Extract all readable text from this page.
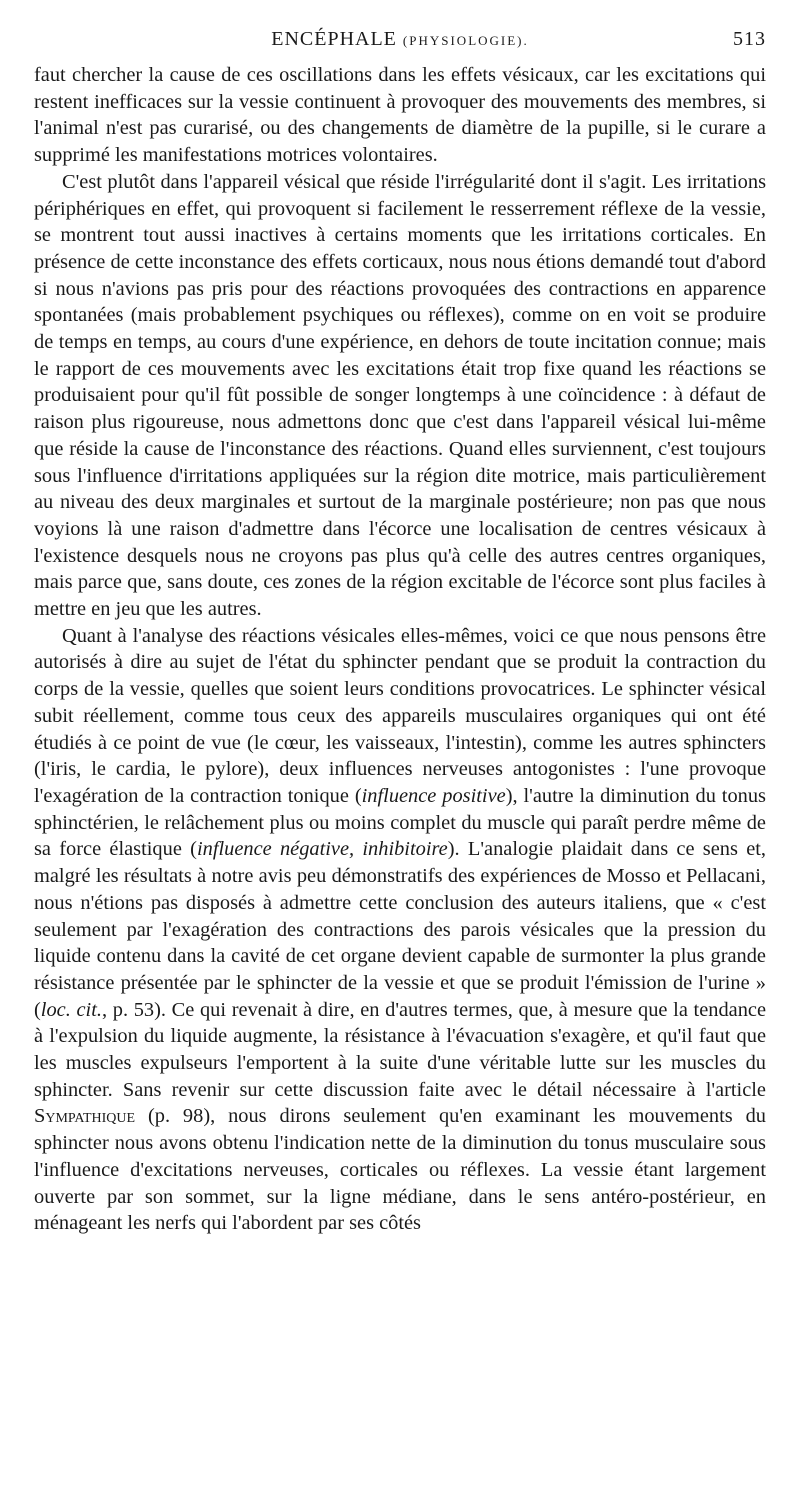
ENCÉPHALE (PHYSIOLOGIE).	513

faut chercher la cause de ces oscillations dans les effets vésicaux, car les excitations qui restent inefficaces sur la vessie continuent à provoquer des mouvements des membres, si l'animal n'est pas curarisé, ou des changements de diamètre de la pupille, si le curare a supprimé les manifestations motrices volontaires.

C'est plutôt dans l'appareil vésical que réside l'irrégularité dont il s'agit. Les irritations périphériques en effet, qui provoquent si facilement le resserrement réflexe de la vessie, se montrent tout aussi inactives à certains moments que les irritations corticales. En présence de cette inconstance des effets corticaux, nous nous étions demandé tout d'abord si nous n'avions pas pris pour des réactions provoquées des contractions en apparence spontanées (mais probablement psychiques ou réflexes), comme on en voit se produire de temps en temps, au cours d'une expérience, en dehors de toute incitation connue; mais le rapport de ces mouvements avec les excitations était trop fixe quand les réactions se produisaient pour qu'il fût possible de songer longtemps à une coïncidence : à défaut de raison plus rigoureuse, nous admettons donc que c'est dans l'appareil vésical lui-même que réside la cause de l'inconstance des réactions. Quand elles surviennent, c'est toujours sous l'influence d'irritations appliquées sur la région dite motrice, mais particulièrement au niveau des deux marginales et surtout de la marginale postérieure; non pas que nous voyions là une raison d'admettre dans l'écorce une localisation de centres vésicaux à l'existence desquels nous ne croyons pas plus qu'à celle des autres centres organiques, mais parce que, sans doute, ces zones de la région excitable de l'écorce sont plus faciles à mettre en jeu que les autres.

Quant à l'analyse des réactions vésicales elles-mêmes, voici ce que nous pensons être autorisés à dire au sujet de l'état du sphincter pendant que se produit la contraction du corps de la vessie, quelles que soient leurs conditions provocatrices. Le sphincter vésical subit réellement, comme tous ceux des appareils musculaires organiques qui ont été étudiés à ce point de vue (le cœur, les vaisseaux, l'intestin), comme les autres sphincters (l'iris, le cardia, le pylore), deux influences nerveuses antogonistes : l'une provoque l'exagération de la contraction tonique (influence positive), l'autre la diminution du tonus sphinctérien, le relâchement plus ou moins complet du muscle qui paraît perdre même de sa force élastique (influence négative, inhibitoire). L'analogie plaidait dans ce sens et, malgré les résultats à notre avis peu démonstratifs des expériences de Mosso et Pellacani, nous n'étions pas disposés à admettre cette conclusion des auteurs italiens, que « c'est seulement par l'exagération des contractions des parois vésicales que la pression du liquide contenu dans la cavité de cet organe devient capable de surmonter la plus grande résistance présentée par le sphincter de la vessie et que se produit l'émission de l'urine » (loc. cit., p. 53). Ce qui revenait à dire, en d'autres termes, que, à mesure que la tendance à l'expulsion du liquide augmente, la résistance à l'évacuation s'exagère, et qu'il faut que les muscles expulseurs l'emportent à la suite d'une véritable lutte sur les muscles du sphincter. Sans revenir sur cette discussion faite avec le détail nécessaire à l'article Sympathique (p. 98), nous dirons seulement qu'en examinant les mouvements du sphincter nous avons obtenu l'indication nette de la diminution du tonus musculaire sous l'influence d'excitations nerveuses, corticales ou réflexes. La vessie étant largement ouverte par son sommet, sur la ligne médiane, dans le sens antéro-postérieur, en ménageant les nerfs qui l'abordent par ses côtés
